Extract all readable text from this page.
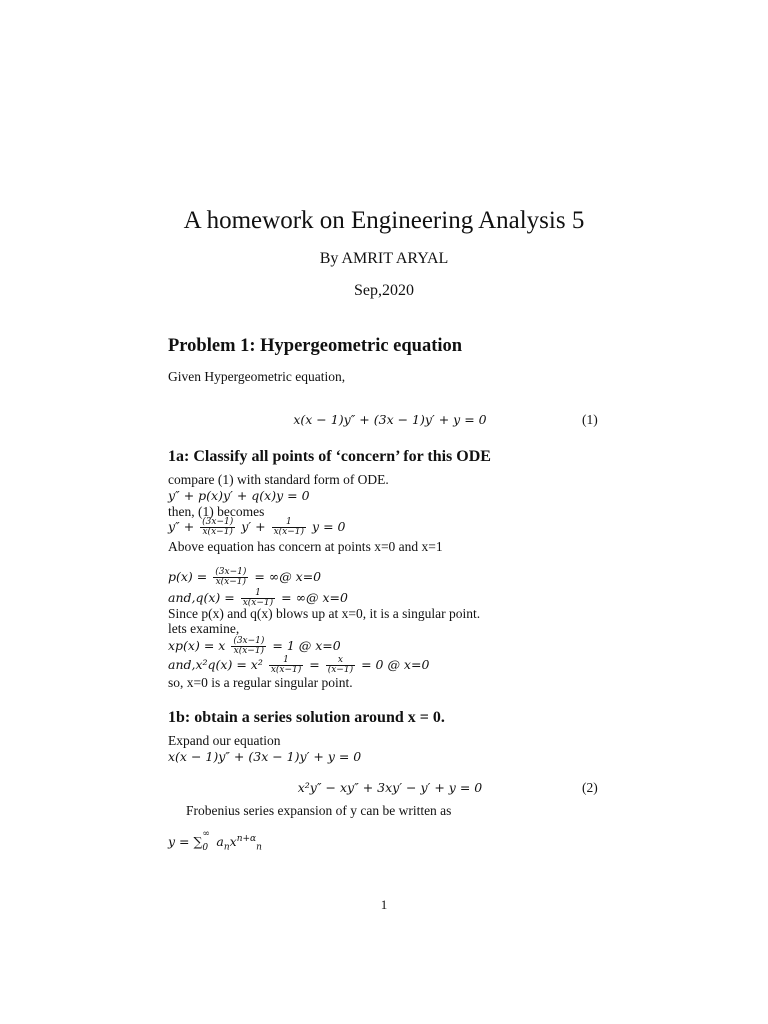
A homework on Engineering Analysis 5
By AMRIT ARYAL
Sep,2020
Problem 1: Hypergeometric equation
Given Hypergeometric equation,
x(x − 1)y″ + (3x − 1)y′ + y = 0	(1)
1a: Classify all points of ‘concern’ for this ODE
compare (1) with standard form of ODE.
y″ + p(x)y′ + q(x)y = 0
then, (1) becomes
$y'' + \frac{(3x-1)}{x(x-1)} y' + \frac{1}{x(x-1)}$ y = 0
Above equation has concern at points x=0 and x=1
$p(x) = \frac{(3x-1)}{x(x-1)}$ = ∞@ x=0
$and,q(x) = \frac{1}{x(x-1)}$ = ∞@ x=0
Since p(x) and q(x) blows up at x=0, it is a singular point.
lets examine,
xp(x) = x $\frac{(3x-1)}{x(x-1)} = 1$ @ x=0
$and,x^2q(x) = x^2 \frac{1}{x(x-1)} = \frac{x}{(x-1)} = 0$ @ x=0
so, x=0 is a regular singular point.
1b: obtain a series solution around x = 0.
Expand our equation
x(x − 1)y″ + (3x − 1)y′ + y = 0
x²y″ − xy″ + 3xy′ − y′ + y = 0	(2)
Frobenius series expansion of y can be written as
y = ∑ ∞
0 $a_nx^{n+\alpha}_n$
1
